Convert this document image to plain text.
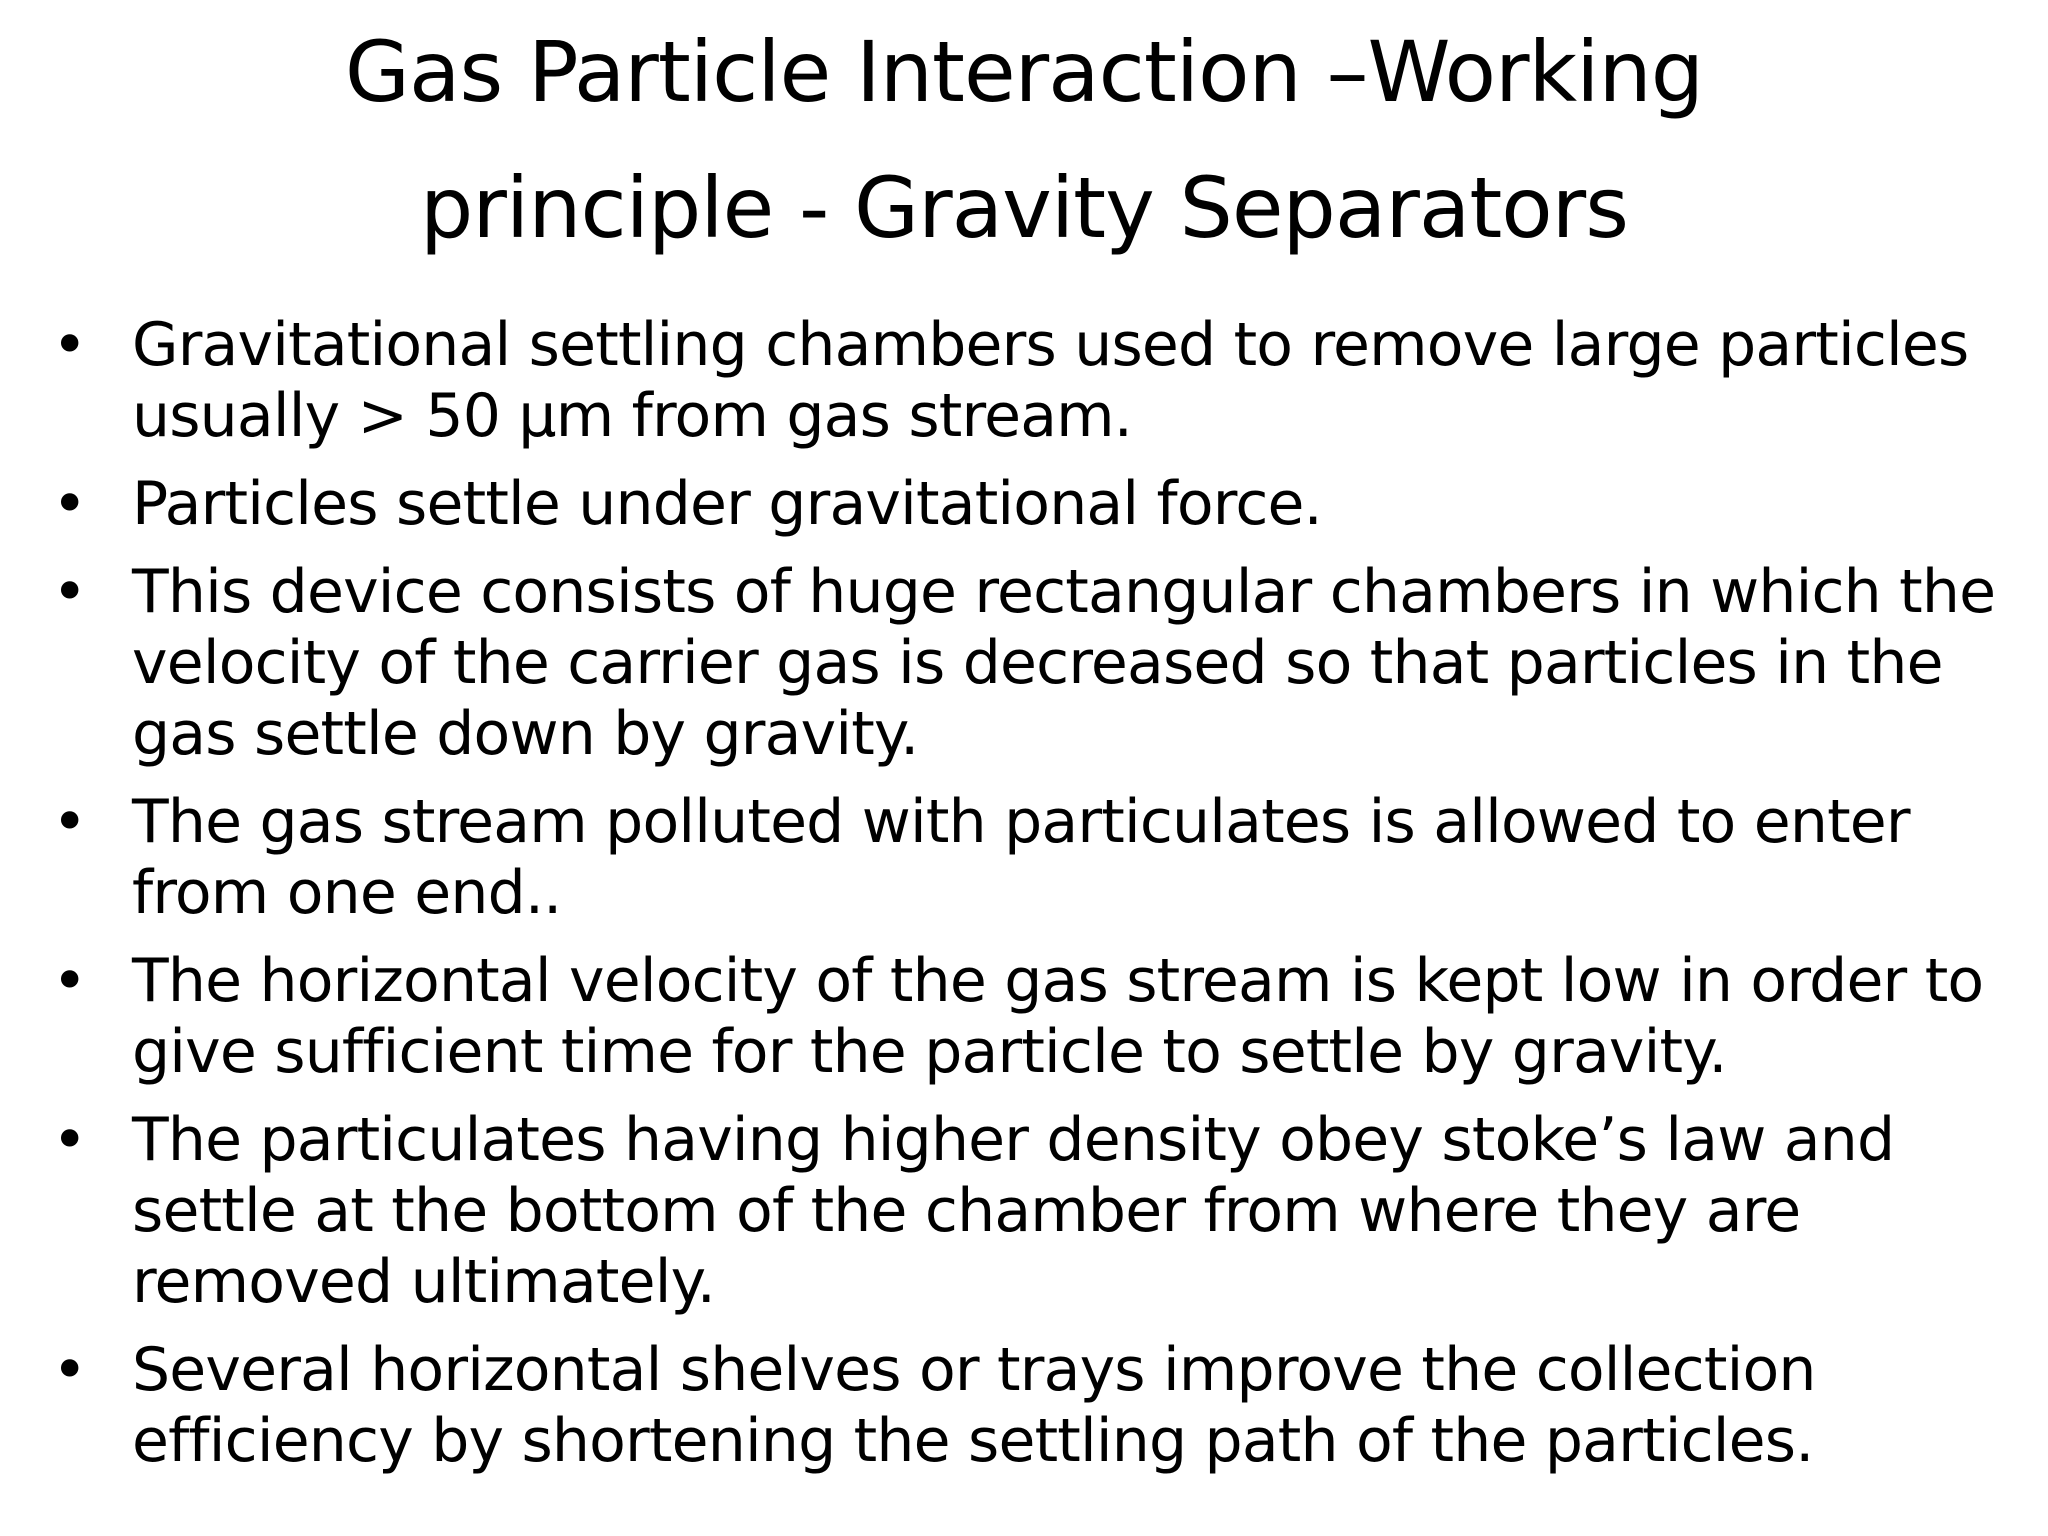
Gas Particle Interaction –Working
principle - Gravity Separators
• Gravitational settling chambers used to remove large particles usually > 50 µm from gas stream.
• Particles settle under gravitational force.
• This device consists of huge rectangular chambers in which the velocity of the carrier gas is decreased so that particles in the gas settle down by gravity.
• The gas stream polluted with particulates is allowed to enter from one end..
• The horizontal velocity of the gas stream is kept low in order to give sufficient time for the particle to settle by gravity.
• The particulates having higher density obey stoke’s law and settle at the bottom of the chamber from where they are removed ultimately.
• Several horizontal shelves or trays improve the collection efficiency by shortening the settling path of the particles.
